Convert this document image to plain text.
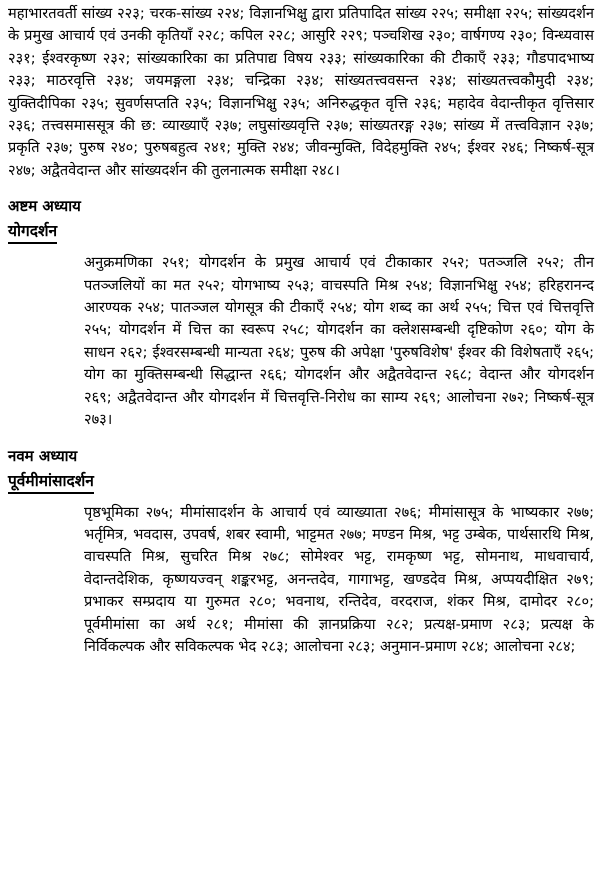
महाभारतवर्ती सांख्य २२३; चरक-सांख्य २२४; विज्ञानभिक्षु द्वारा प्रतिपादित सांख्य २२५; समीक्षा २२५; सांख्यदर्शन के प्रमुख आचार्य एवं उनकी कृतियाँ २२८; कपिल २२८; आसुरि २२९; पञ्चशिख २३०; वार्षगण्य २३०; विन्ध्यवास २३१; ईश्वरकृष्ण २३२; सांख्यकारिका का प्रतिपाद्य विषय २३३; सांख्यकारिका की टीकाएँ २३३; गौडपादभाष्य २३३; माठरवृत्ति २३४; जयमङ्गला २३४; चन्द्रिका २३४; सांख्यतत्त्ववसन्त २३४; सांख्यतत्त्वकौमुदी २३४; युक्तिदीपिका २३५; सुवर्णसप्तति २३५; विज्ञानभिक्षु २३५; अनिरुद्धकृत वृत्ति २३६; महादेव वेदान्तीकृत वृत्तिसार २३६; तत्त्वसमाससूत्र की छ: व्याख्याएँ २३७; लघुसांख्यवृत्ति २३७; सांख्यतरङ्ग २३७; सांख्य में तत्त्वविज्ञान २३७; प्रकृति २३७; पुरुष २४०; पुरुषबहुत्व २४१; मुक्ति २४४; जीवन्मुक्ति, विदेहमुक्ति २४५; ईश्वर २४६; निष्कर्ष-सूत्र २४७; अद्वैतवेदान्त और सांख्यदर्शन की तुलनात्मक समीक्षा २४८।

अष्टम अध्याय
योगदर्शन

अनुक्रमणिका २५१; योगदर्शन के प्रमुख आचार्य एवं टीकाकार २५२; पतञ्जलि २५२; तीन पतञ्जलियों का मत २५२; योगभाष्य २५३; वाचस्पति मिश्र २५४; विज्ञानभिक्षु २५४; हरिहरानन्द आरण्यक २५४; पातञ्जल योगसूत्र की टीकाएँ २५४; योग शब्द का अर्थ २५५; चित्त एवं चित्तवृत्ति २५५; योगदर्शन में चित्त का स्वरूप २५८; योगदर्शन का क्लेशसम्बन्धी दृष्टिकोण २६०; योग के साधन २६२; ईश्वरसम्बन्धी मान्यता २६४; पुरुष की अपेक्षा 'पुरुषविशेष' ईश्वर की विशेषताएँ २६५; योग का मुक्तिसम्बन्धी सिद्धान्त २६६; योगदर्शन और अद्वैतवेदान्त २६८; वेदान्त और योगदर्शन २६९; अद्वैतवेदान्त और योगदर्शन में चित्तवृत्ति-निरोध का साम्य २६९; आलोचना २७२; निष्कर्ष-सूत्र २७३।

नवम अध्याय
पूर्वमीमांसादर्शन

पृष्ठभूमिका २७५; मीमांसादर्शन के आचार्य एवं व्याख्याता २७६; मीमांसासूत्र के भाष्यकार २७७; भर्तृमित्र, भवदास, उपवर्ष, शबर स्वामी, भाट्टमत २७७; मण्डन मिश्र, भट्ट उम्बेक, पार्थसारथि मिश्र, वाचस्पति मिश्र, सुचरित मिश्र २७८; सोमेश्वर भट्ट, रामकृष्ण भट्ट, सोमनाथ, माधवाचार्य, वेदान्तदेशिक, कृष्णयज्वन् शङ्करभट्ट, अनन्तदेव, गागाभट्ट, खण्डदेव मिश्र, अप्पयदीक्षित २७९; प्रभाकर सम्प्रदाय या गुरुमत २८०; भवनाथ, रन्तिदेव, वरदराज, शंकर मिश्र, दामोदर २८०; पूर्वमीमांसा का अर्थ २८१; मीमांसा की ज्ञानप्रक्रिया २८२; प्रत्यक्ष-प्रमाण २८३; प्रत्यक्ष के निर्विकल्पक और सविकल्पक भेद २८३; आलोचना २८३; अनुमान-प्रमाण २८४; आलोचना २८४;
